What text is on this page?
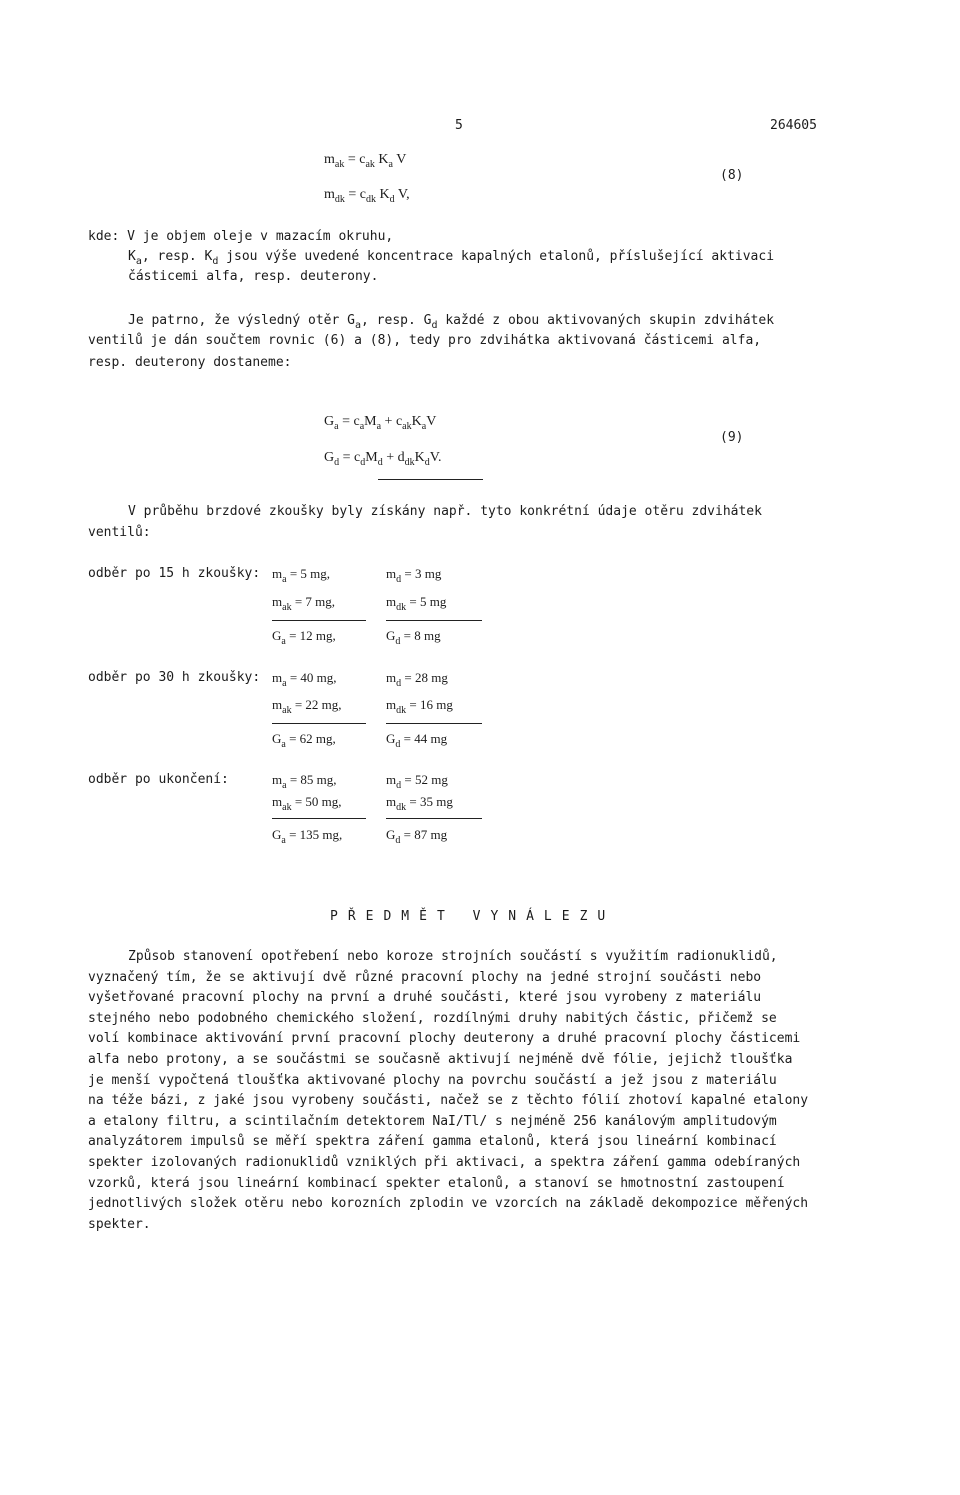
5	264605
$m_{ak} = c_{ak}$ $K_a$ V
$m_{dk} = c_{dk}$ $K_d$ V,
(8)
kde: V je objem oleje v mazacím okruhu,
$K_a$, resp. $K_d$ jsou výše uvedené koncentrace kapalných etalonů, příslušející aktivaci
částicemi alfa, resp. deuterony.
Je patrno, že výsledný otěr $G_a$, resp. $G_d$ každé z obou aktivovaných skupin zdvihátek
ventilů je dán součtem rovnic (6) a (8), tedy pro zdvihátka aktivovaná částicemi alfa,
resp. deuterony dostaneme:
$G_a = c_aM_a + c_{ak}K_aV$
$G_d = c_dM_d + d_{dk}K_dV$.
(9)
V průběhu brzdové zkoušky byly získány např. tyto konkrétní údaje otěru zdvihátek
ventilů:
odběr po 15 h zkoušky: $m_a = 5$ mg,	$m_d = 3$ mg
$m_{ak} = 7$ mg,	$m_{dk} = 5$ mg
$G_a = 12$ mg,	$G_d = 8$ mg
odběr po 30 h zkoušky: $m_a = 40$ mg,	$m_d = 28$ mg
$m_{ak} = 22$ mg,	$m_{dk} = 16$ mg
$G_a = 62$ mg,	$G_d = 44$ mg
odběr po ukončení:	$m_a = 85$ mg,	$m_d = 52$ mg
$m_{ak} = 50$ mg,	$m_{dk} = 35$ mg
$G_a = 135$ mg,	$G_d = 87$ mg
PŘEDMĚT VYNÁLEZU
Způsob stanovení opotřebení nebo koroze strojních součástí s využitím radionuklidů,
vyznačený tím, že se aktivují dvě různé pracovní plochy na jedné strojní součásti nebo
vyšetřované pracovní plochy na první a druhé součásti, které jsou vyrobeny z materiálu
stejného nebo podobného chemického složení, rozdílnými druhy nabitých částic, přičemž se
volí kombinace aktivování první pracovní plochy deuterony a druhé pracovní plochy částicemi
alfa nebo protony, a se součástmi se současně aktivují nejméně dvě fólie, jejichž tloušťka
je menší vypočtená tloušťka aktivované plochy na povrchu součástí a jež jsou z materiálu
na téže bázi, z jaké jsou vyrobeny součásti, načež se z těchto fólií zhotoví kapalné etalony
a etalony filtru, a scintilačním detektorem NaI/Tl/ s nejméně 256 kanálovým amplitudovým
analyzátorem impulsů se měří spektra záření gamma etalonů, která jsou lineární kombinací
spekter izolovaných radionuklidů vzniklých při aktivaci, a spektra záření gamma odebíraných
vzorků, která jsou lineární kombinací spekter etalonů, a stanoví se hmotnostní zastoupení
jednotlivých složek otěru nebo korozních zplodin ve vzorcích na základě dekompozice měřených
spekter.
